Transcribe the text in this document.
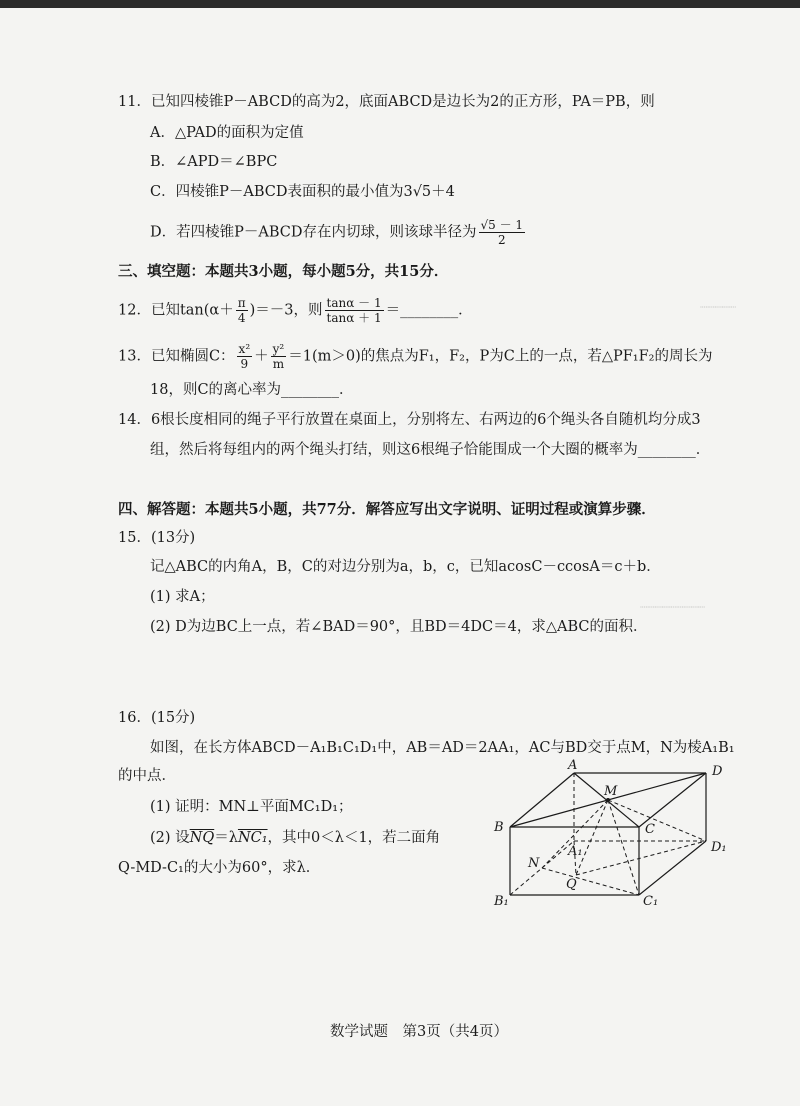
┈┈┈┈┈
┈┈┈┈┈┈┈┈┈
11．已知四棱锥P－ABCD的高为2，底面ABCD是边长为2的正方形，PA＝PB，则
A．△PAD的面积为定值
B．∠APD＝∠BPC
C．四棱锥P－ABCD表面积的最小值为3√5＋4
D．若四棱锥P－ABCD存在内切球，则该球半径为 $\frac{√5 - 1}{2}$
三、填空题：本题共3小题，每小题5分，共15分．
12．已知$\tan(\alpha+ \frac{\pi}{4} )=-3$，则 $\frac{\tan\alpha - 1}{\tan\alpha + 1}$ ＝________．
13．已知椭圆C： $\frac{\text{x²}}{9} + \frac{\text{y²}}{m} =1(m>0)$的焦点为F₁，F₂，P为C上的一点，若△PF₁F₂的周长为
18，则C的离心率为________．
14．6根长度相同的绳子平行放置在桌面上，分别将左、右两边的6个绳头各自随机均分成3
组，然后将每组内的两个绳头打结，则这6根绳子恰能围成一个大圈的概率为________．
四、解答题：本题共5小题，共77分．解答应写出文字说明、证明过程或演算步骤．
15．(13分)
记△ABC的内角A，B，C的对边分别为a，b，c，已知acosC－ccosA＝c＋b．
(1) 求A；
(2) D为边BC上一点，若∠BAD＝90°，且BD＝4DC＝4，求△ABC的面积．
16．(15分)
如图，在长方体ABCD－A₁B₁C₁D₁中，AB＝AD＝2AA₁，AC与BD交于点M，N为棱A₁B₁
的中点．
(1) 证明：MN⊥平面MC₁D₁；
(2) 设$\overline{NQ}=\lambda NC_1$，其中0＜λ＜1，若二面角
Q-MD-C₁的大小为60°，求λ．
A	D
M
B	C
A₁	D₁
N
Q
B₁	C₁
数学试题　第3页（共4页）
